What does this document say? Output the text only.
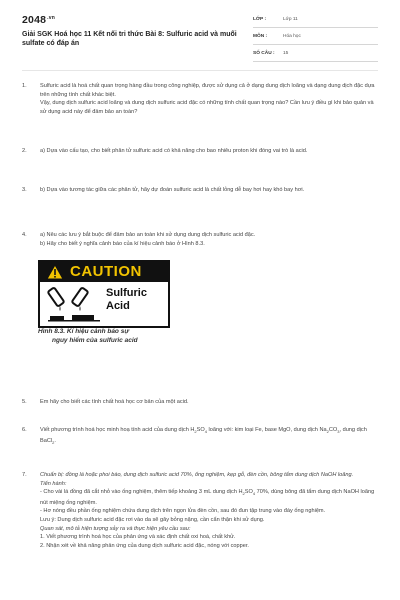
$2048^{.vn}$
Giải SGK Hoá học 11 Kết nối tri thức Bài 8: Sulfuric acid và muối sulfate có đáp án
LỚP :	Lớp 11
MÔN :	Hóa học
SỐ CÂU : 15
1.	Sulfuric acid là hoá chất quan trọng hàng đầu trong công nghiệp, được sử dụng cả ở dạng dung dịch loãng và dạng dung dịch đặc dựa trên những tính chất khác biệt.

Vậy, dung dịch sulfuric acid loãng và dung dịch sulfuric acid đặc có những tính chất quan trọng nào? Cần lưu ý điều gì khi bảo quản và sử dụng acid này để đảm bảo an toàn?

2.	a) Dựa vào cấu tạo, cho biết phân tử sulfuric acid có khả năng cho bao nhiêu proton khi đóng vai trò là acid.

3.	b) Dựa vào tương tác giữa các phân tử, hãy dự đoán sulfuric acid là chất lỏng dễ bay hơi hay khó bay hơi.

4.	a) Nêu các lưu ý bắt buộc để đảm bảo an toàn khi sử dụng dung dịch sulfuric acid đặc.

b) Hãy cho biết ý nghĩa cảnh báo của kí hiệu cảnh báo ở Hình 8.3.

CAUTION
Sulfuric
Acid
Hình 8.3. Kí hiệu cảnh báo sự
nguy hiểm của sulfuric acid
5.	Em hãy cho biết các tính chất hoá học cơ bản của một acid.

6.	Viết phương trình hoá học minh hoạ tính acid của dung dịch $H_2SO_4$ loãng với: kim loại Fe, base MgO, dung dịch $Na_2CO_3$, dung dịch BaCl$_2$.

7.	Chuẩn bị: đồng lá hoặc phoi bào, dung dịch sulfuric acid 70%, ống nghiệm, kẹp gỗ, đèn cồn, bông tẩm dung dịch NaOH loãng.

Tiến hành:

- Cho vài lá đồng đã cắt nhỏ vào ống nghiệm, thêm tiếp khoảng 3 mL dung dịch $H_2SO_4$ 70%, dùng bông đã tẩm dung dịch NaOH loãng nút miệng ống nghiệm.

- Hơ nóng đều phần ống nghiệm chứa dung dịch trên ngọn lửa đèn cồn, sau đó đun tập trung vào đáy ống nghiệm.

Lưu ý: Dung dịch sulfuric acid đặc rơi vào da sẽ gây bỏng nặng, cần cẩn thận khi sử dụng.

Quan sát, mô tả hiện tượng xảy ra và thực hiện yêu cầu sau:

1. Viết phương trình hoá học của phản ứng và xác định chất oxi hoá, chất khử.

2. Nhận xét về khả năng phản ứng của dung dịch sulfuric acid đặc, nóng với copper.
